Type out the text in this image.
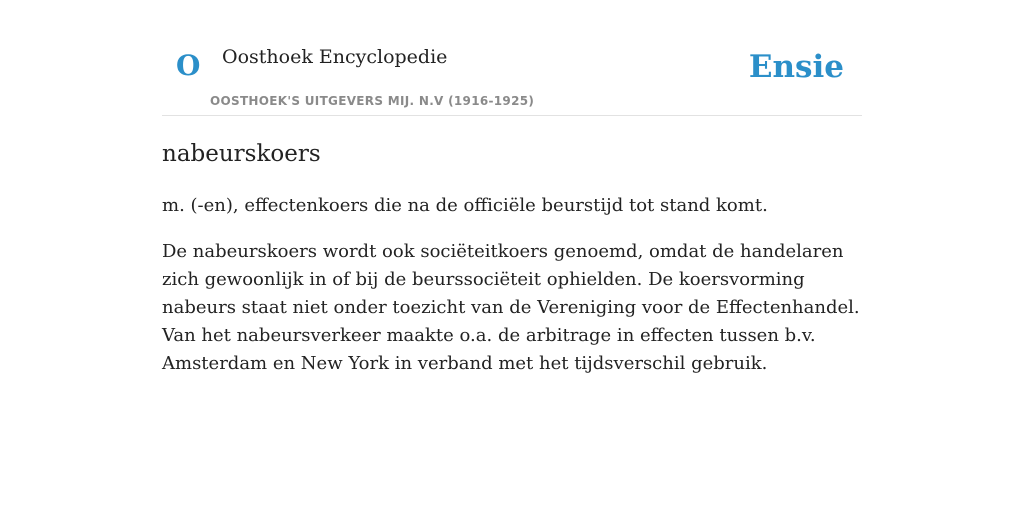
O Oosthoek Encyclopedie
OOSTHOEK'S UITGEVERS MIJ. N.V (1916-1925)
Ensie
nabeurskoers

m. (-en), effectenkoers die na de officiële beurstijd tot stand komt.

De nabeurskoers wordt ook sociëteitkoers genoemd, omdat de handelaren zich gewoonlijk in of bij de beurssociëteit ophielden. De koersvorming nabeurs staat niet onder toezicht van de Vereniging voor de Effectenhandel. Van het nabeursverkeer maakte o.a. de arbitrage in effecten tussen b.v. Amsterdam en New York in verband met het tijdsverschil gebruik.
